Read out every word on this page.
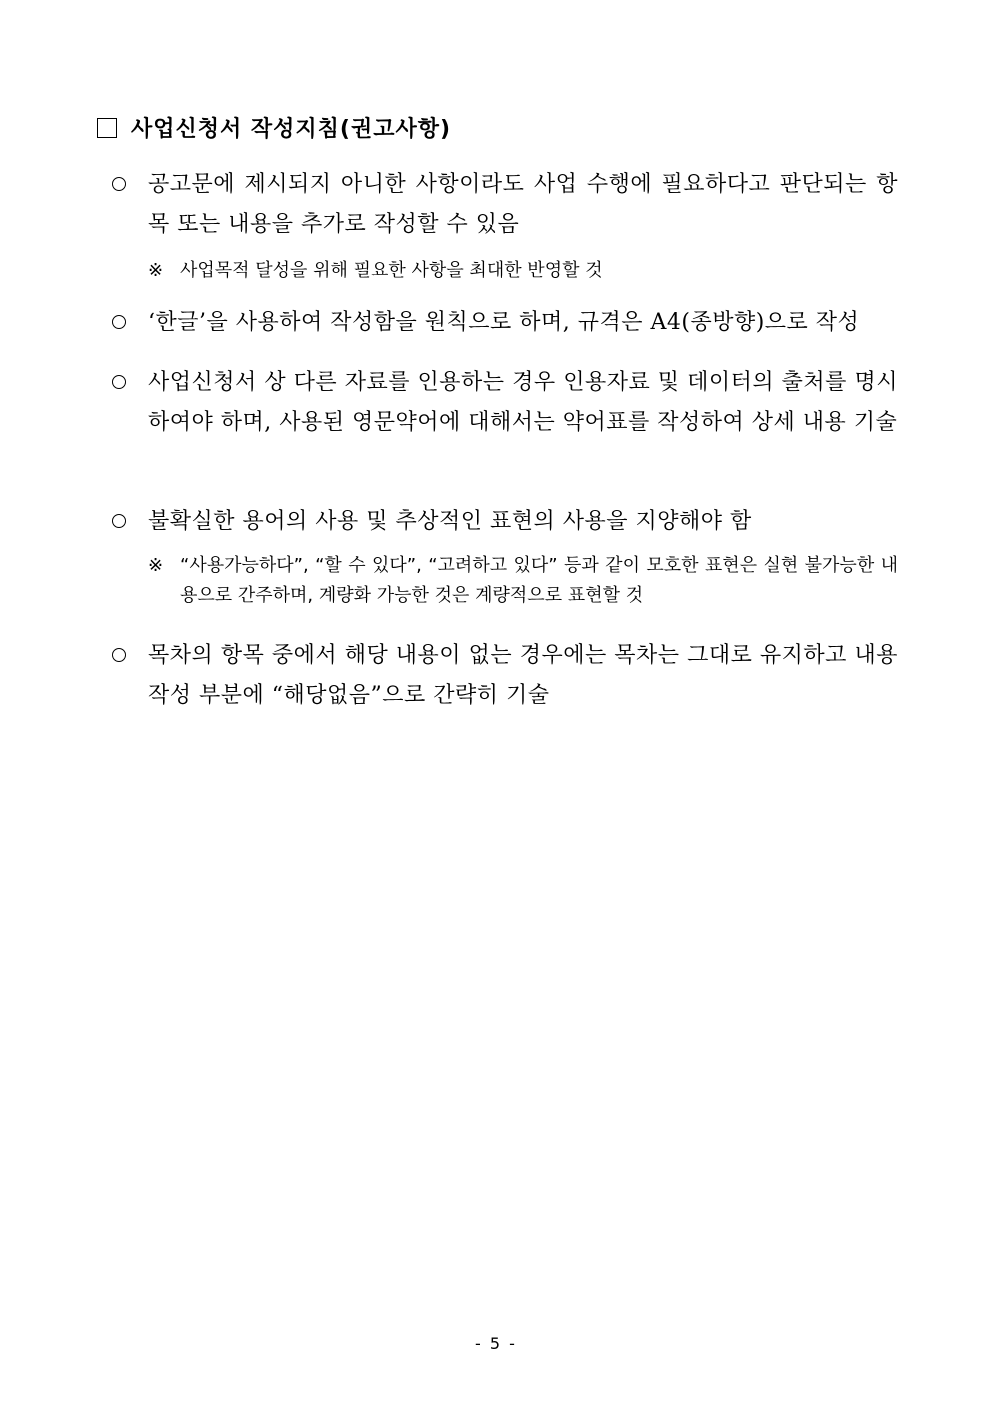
사업신청서 작성지침(권고사항)
공고문에 제시되지 아니한 사항이라도 사업 수행에 필요하다고 판단되는 항목 또는 내용을 추가로 작성할 수 있음
※ 사업목적 달성을 위해 필요한 사항을 최대한 반영할 것
‘한글’을 사용하여 작성함을 원칙으로 하며, 규격은 A4(종방향)으로 작성
사업신청서 상 다른 자료를 인용하는 경우 인용자료 및 데이터의 출처를 명시하여야 하며, 사용된 영문약어에 대해서는 약어표를 작성하여 상세 내용 기술
불확실한 용어의 사용 및 추상적인 표현의 사용을 지양해야 함
※ “사용가능하다”, “할 수 있다”, “고려하고 있다” 등과 같이 모호한 표현은 실현 불가능한 내용으로 간주하며, 계량화 가능한 것은 계량적으로 표현할 것
목차의 항목 중에서 해당 내용이 없는 경우에는 목차는 그대로 유지하고 내용 작성 부분에 “해당없음”으로 간략히 기술
- 5 -
